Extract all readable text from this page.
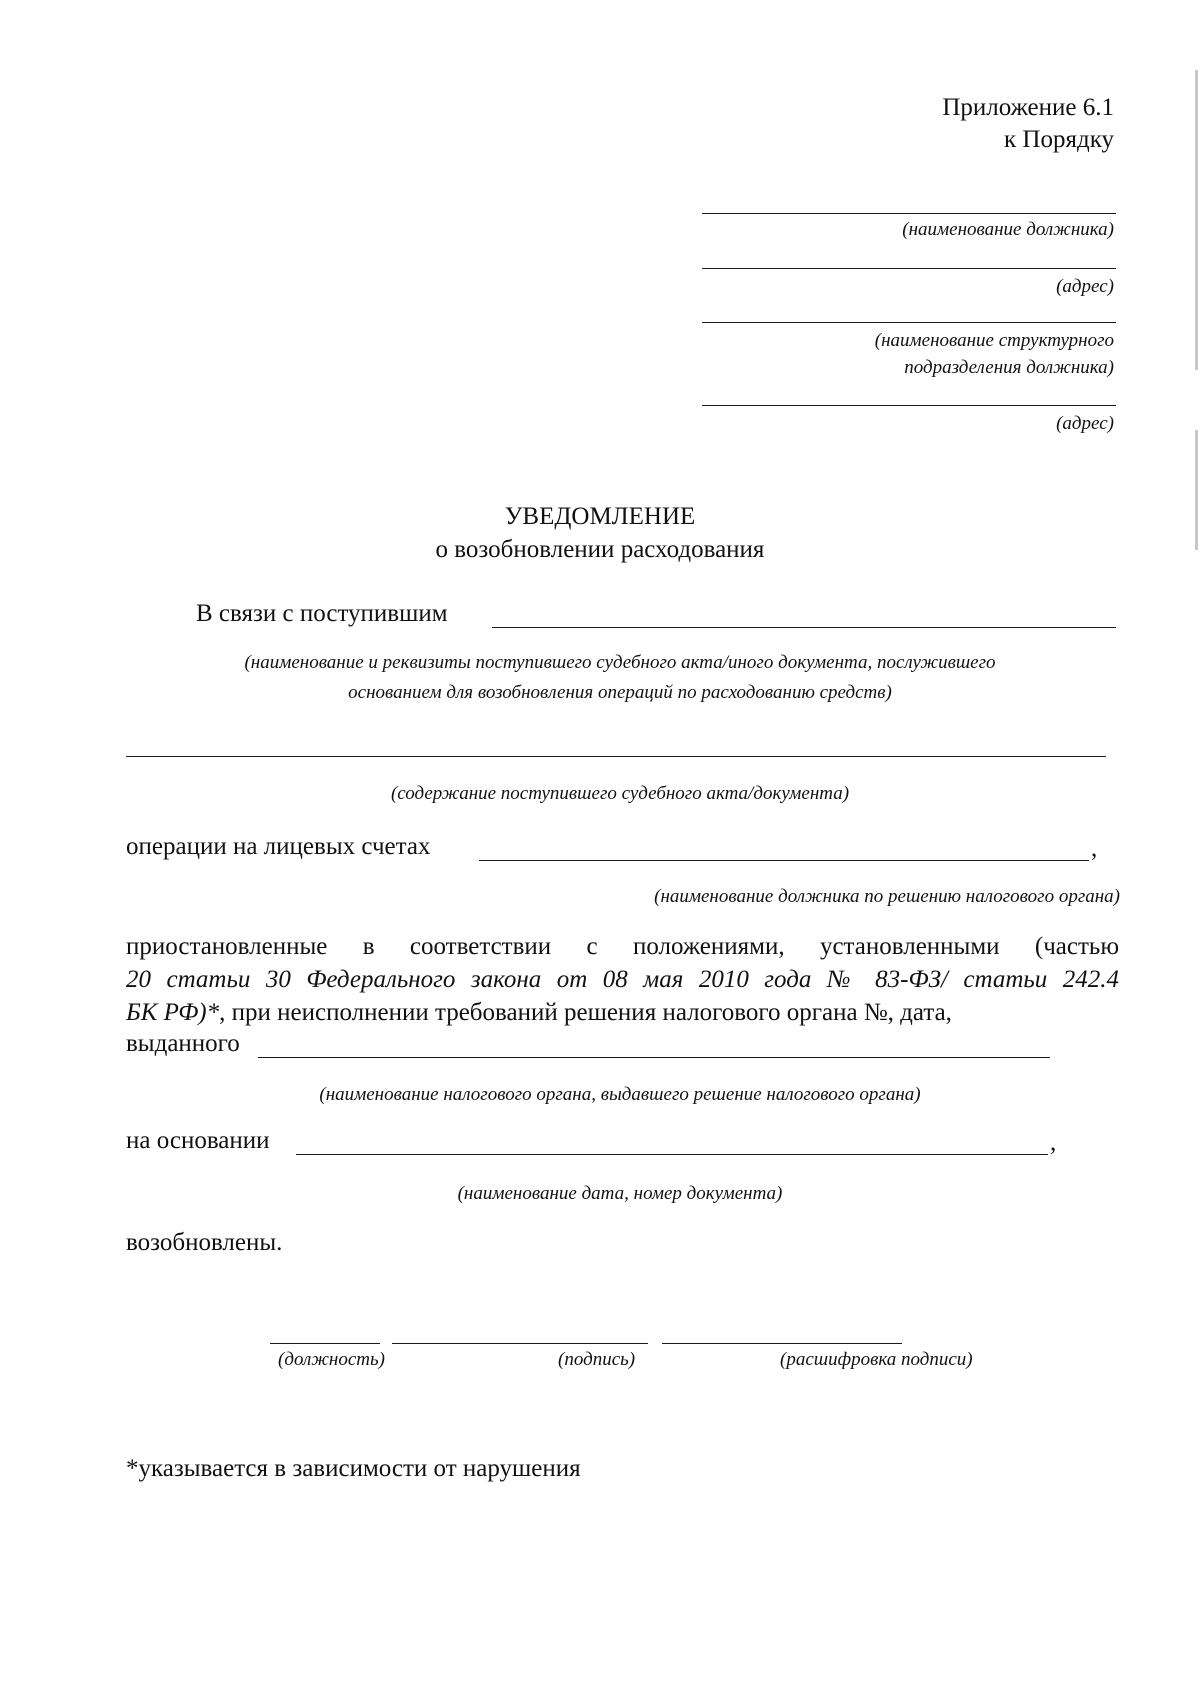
Приложение 6.1
к Порядку
(наименование должника)
(адрес)
(наименование структурного
подразделения должника)
(адрес)
УВЕДОМЛЕНИЕ
о возобновлении расходования
В связи с поступившим
(наименование и реквизиты поступившего судебного акта/иного документа, послужившего
основанием для возобновления операций по расходованию средств)
(содержание поступившего судебного акта/документа)
операции на лицевых счетах	,
(наименование должника по решению налогового органа)
приостановленные в соответствии с положениями, установленными (частью
20 статьи 30 Федерального закона от 08 мая 2010 года № 83-ФЗ/ статьи 242.4
БК РФ)*, при неисполнении требований решения налогового органа №, дата,
выданного
(наименование налогового органа, выдавшего решение налогового органа)
на основании	,
(наименование дата, номер документа)
возобновлены.
(должность)	(подпись)	(расшифровка подписи)
*указывается в зависимости от нарушения
